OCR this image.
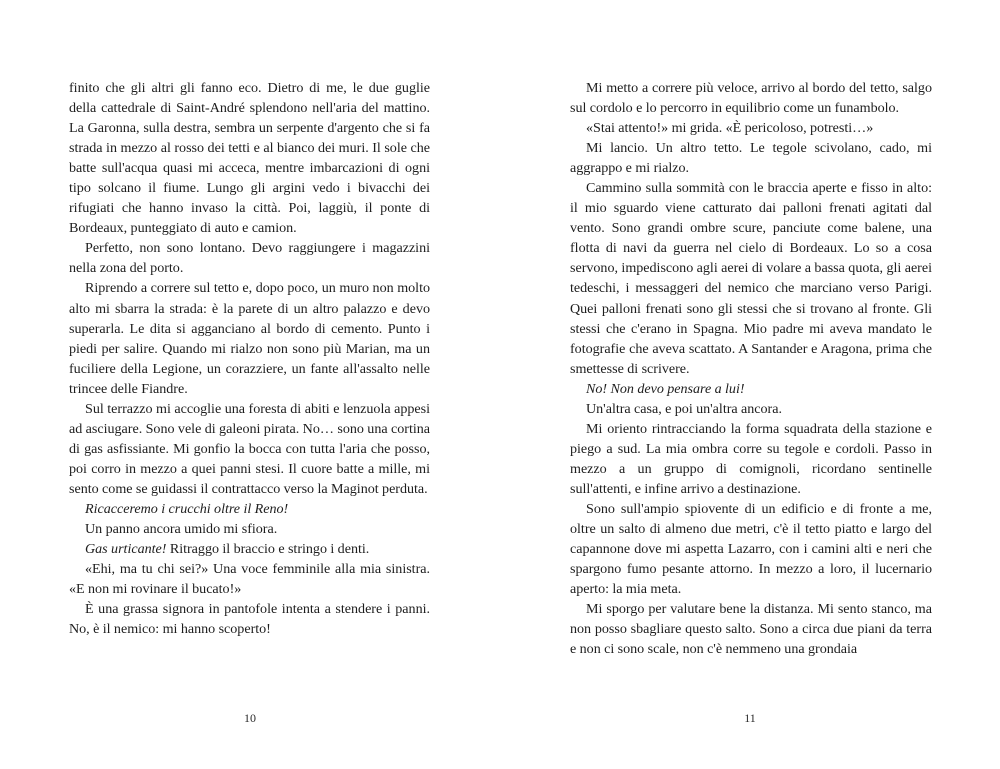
finito che gli altri gli fanno eco. Dietro di me, le due guglie della cattedrale di Saint-André splendono nell'aria del mattino. La Garonna, sulla destra, sembra un serpente d'argento che si fa strada in mezzo al rosso dei tetti e al bianco dei muri. Il sole che batte sull'acqua quasi mi acceca, mentre imbarcazioni di ogni tipo solcano il fiume. Lungo gli argini vedo i bivacchi dei rifugiati che hanno invaso la città. Poi, laggiù, il ponte di Bordeaux, punteggiato di auto e camion.

Perfetto, non sono lontano. Devo raggiungere i magazzini nella zona del porto.

Riprendo a correre sul tetto e, dopo poco, un muro non molto alto mi sbarra la strada: è la parete di un altro palazzo e devo superarla. Le dita si agganciano al bordo di cemento. Punto i piedi per salire. Quando mi rialzo non sono più Marian, ma un fuciliere della Legione, un corazziere, un fante all'assalto nelle trincee delle Fiandre.

Sul terrazzo mi accoglie una foresta di abiti e lenzuola appesi ad asciugare. Sono vele di galeoni pirata. No… sono una cortina di gas asfissiante. Mi gonfio la bocca con tutta l'aria che posso, poi corro in mezzo a quei panni stesi. Il cuore batte a mille, mi sento come se guidassi il contrattacco verso la Maginot perduta.

Ricacceremo i crucchi oltre il Reno!

Un panno ancora umido mi sfiora.

Gas urticante! Ritraggo il braccio e stringo i denti.

«Ehi, ma tu chi sei?» Una voce femminile alla mia sinistra. «E non mi rovinare il bucato!»

È una grassa signora in pantofole intenta a stendere i panni. No, è il nemico: mi hanno scoperto!

10

Mi metto a correre più veloce, arrivo al bordo del tetto, salgo sul cordolo e lo percorro in equilibrio come un funambolo.

«Stai attento!» mi grida. «È pericoloso, potresti…»

Mi lancio. Un altro tetto. Le tegole scivolano, cado, mi aggrappo e mi rialzo.

Cammino sulla sommità con le braccia aperte e fisso in alto: il mio sguardo viene catturato dai palloni frenati agitati dal vento. Sono grandi ombre scure, panciute come balene, una flotta di navi da guerra nel cielo di Bordeaux. Lo so a cosa servono, impediscono agli aerei di volare a bassa quota, gli aerei tedeschi, i messaggeri del nemico che marciano verso Parigi. Quei palloni frenati sono gli stessi che si trovano al fronte. Gli stessi che c'erano in Spagna. Mio padre mi aveva mandato le fotografie che aveva scattato. A Santander e Aragona, prima che smettesse di scrivere.

No! Non devo pensare a lui!

Un'altra casa, e poi un'altra ancora.

Mi oriento rintracciando la forma squadrata della stazione e piego a sud. La mia ombra corre su tegole e cordoli. Passo in mezzo a un gruppo di comignoli, ricordano sentinelle sull'attenti, e infine arrivo a destinazione.

Sono sull'ampio spiovente di un edificio e di fronte a me, oltre un salto di almeno due metri, c'è il tetto piatto e largo del capannone dove mi aspetta Lazarro, con i camini alti e neri che spargono fumo pesante attorno. In mezzo a loro, il lucernario aperto: la mia meta.

Mi sporgo per valutare bene la distanza. Mi sento stanco, ma non posso sbagliare questo salto. Sono a circa due piani da terra e non ci sono scale, non c'è nemmeno una grondaia

11
